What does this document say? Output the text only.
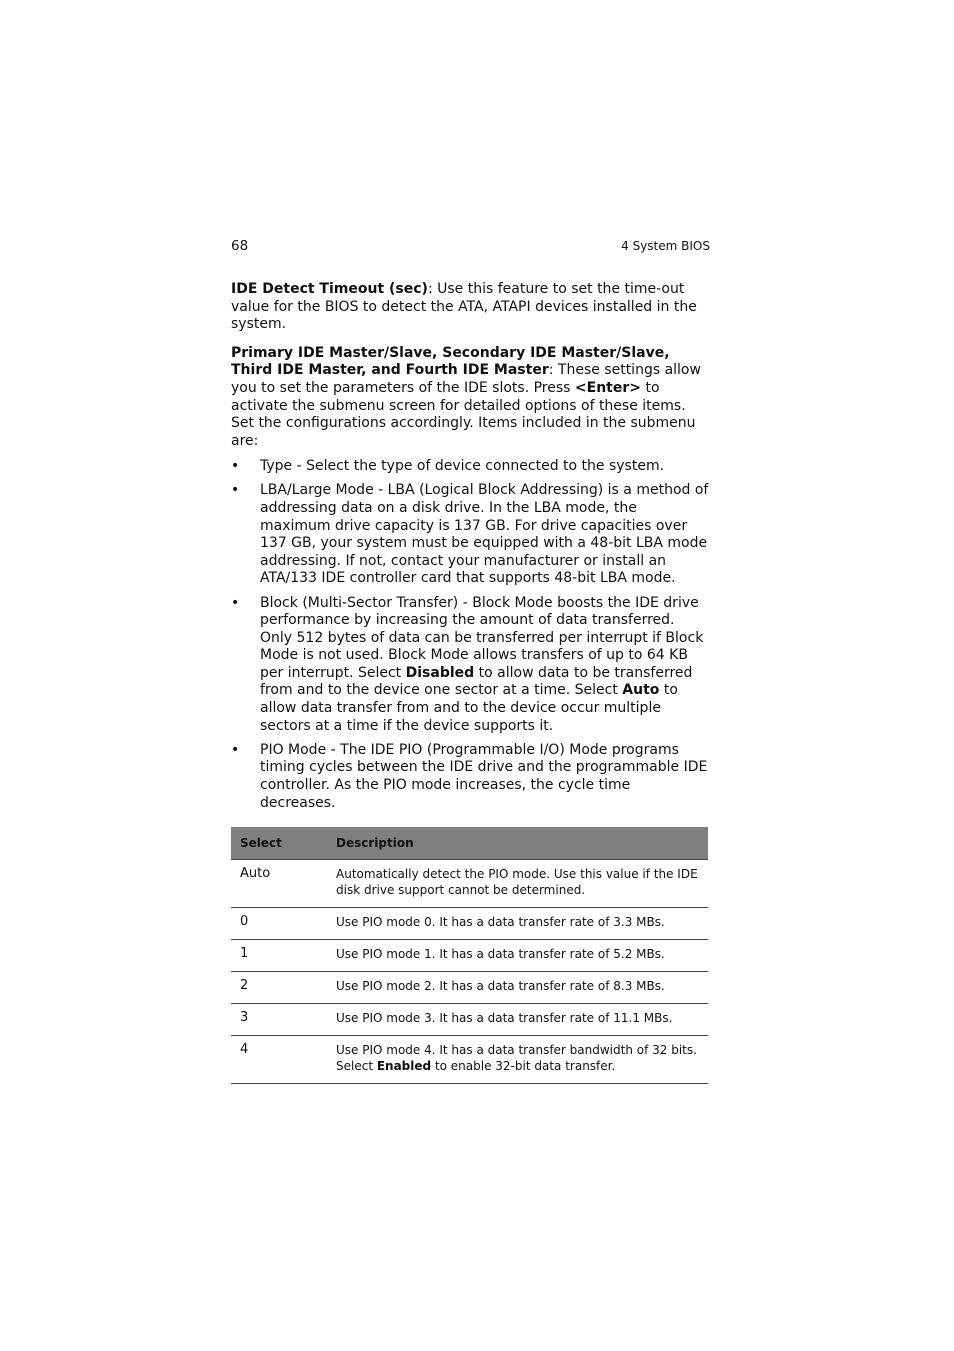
68	4 System BIOS

IDE Detect Timeout (sec): Use this feature to set the time-out value for the BIOS to detect the ATA, ATAPI devices installed in the system.

Primary IDE Master/Slave, Secondary IDE Master/Slave, Third IDE Master, and Fourth IDE Master: These settings allow you to set the parameters of the IDE slots. Press <Enter> to activate the submenu screen for detailed options of these items. Set the configurations accordingly. Items included in the submenu are:

• Type - Select the type of device connected to the system.
• LBA/Large Mode - LBA (Logical Block Addressing) is a method of addressing data on a disk drive. In the LBA mode, the maximum drive capacity is 137 GB. For drive capacities over 137 GB, your system must be equipped with a 48-bit LBA mode addressing. If not, contact your manufacturer or install an ATA/133 IDE controller card that supports 48-bit LBA mode.
• Block (Multi-Sector Transfer) - Block Mode boosts the IDE drive performance by increasing the amount of data transferred. Only 512 bytes of data can be transferred per interrupt if Block Mode is not used. Block Mode allows transfers of up to 64 KB per interrupt. Select Disabled to allow data to be transferred from and to the device one sector at a time. Select Auto to allow data transfer from and to the device occur multiple sectors at a time if the device supports it.
• PIO Mode - The IDE PIO (Programmable I/O) Mode programs timing cycles between the IDE drive and the programmable IDE controller. As the PIO mode increases, the cycle time decreases.
Select	Description
Auto	Automatically detect the PIO mode. Use this value if the IDE disk drive support cannot be determined.
0	Use PIO mode 0. It has a data transfer rate of 3.3 MBs.
1	Use PIO mode 1. It has a data transfer rate of 5.2 MBs.
2	Use PIO mode 2. It has a data transfer rate of 8.3 MBs.
3	Use PIO mode 3. It has a data transfer rate of 11.1 MBs.
4	Use PIO mode 4. It has a data transfer bandwidth of 32 bits. Select Enabled to enable 32-bit data transfer.
